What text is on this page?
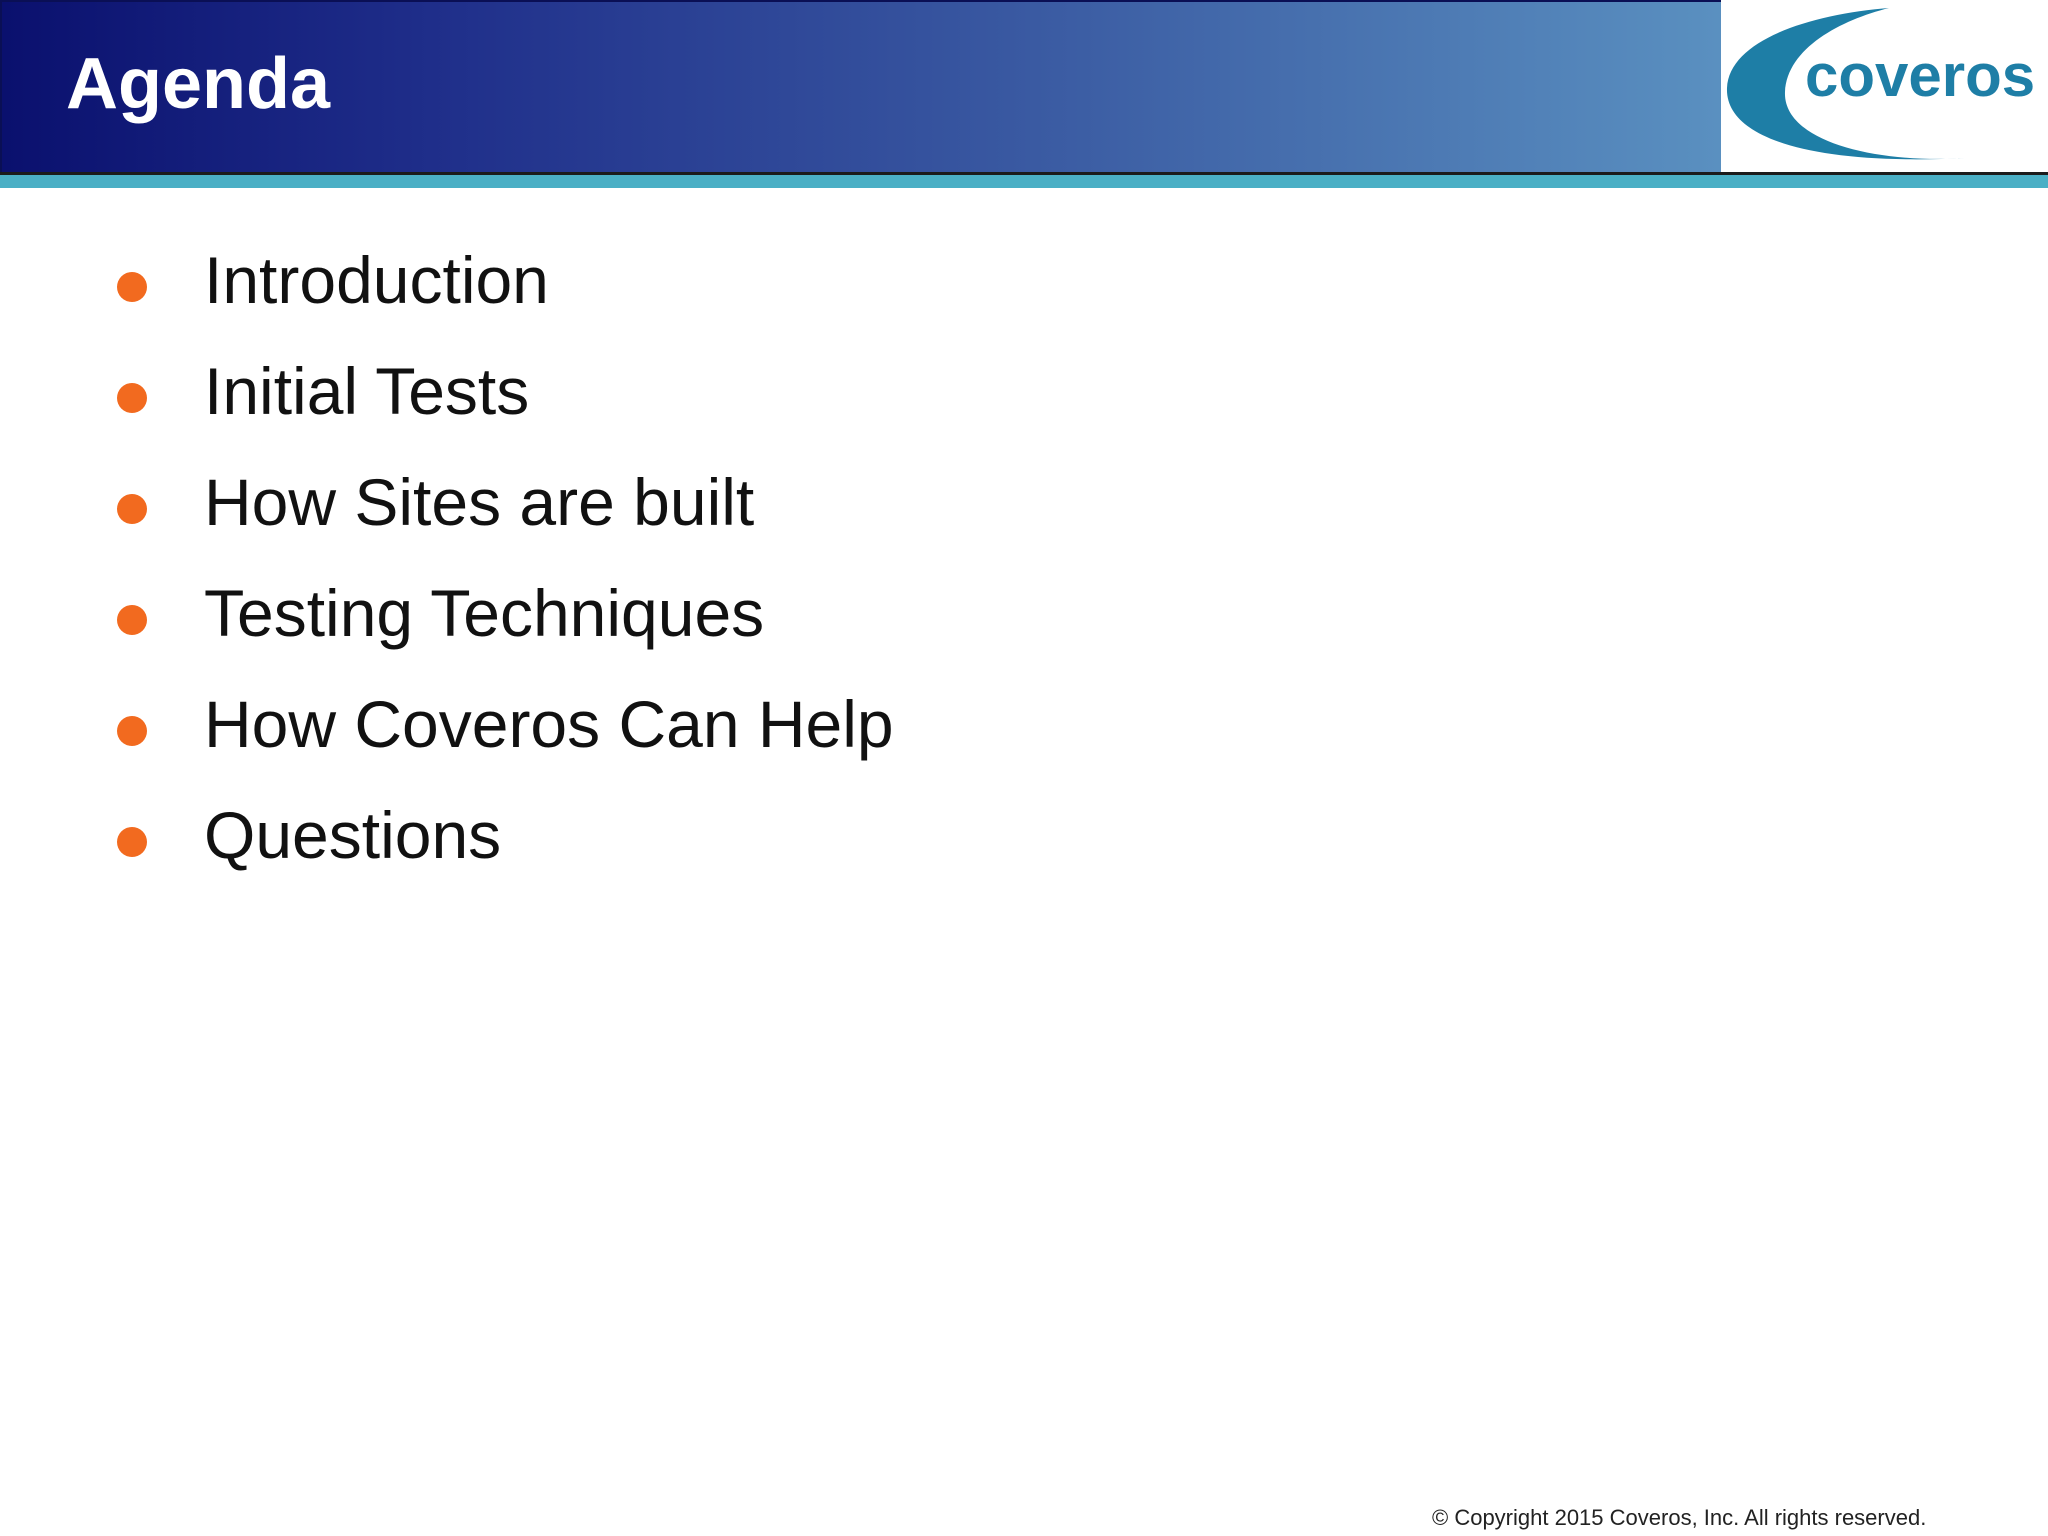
Agenda	coveros
Introduction
Initial Tests
How Sites are built
Testing Techniques
How Coveros Can Help
Questions
© Copyright 2015 Coveros, Inc. All rights reserved.
